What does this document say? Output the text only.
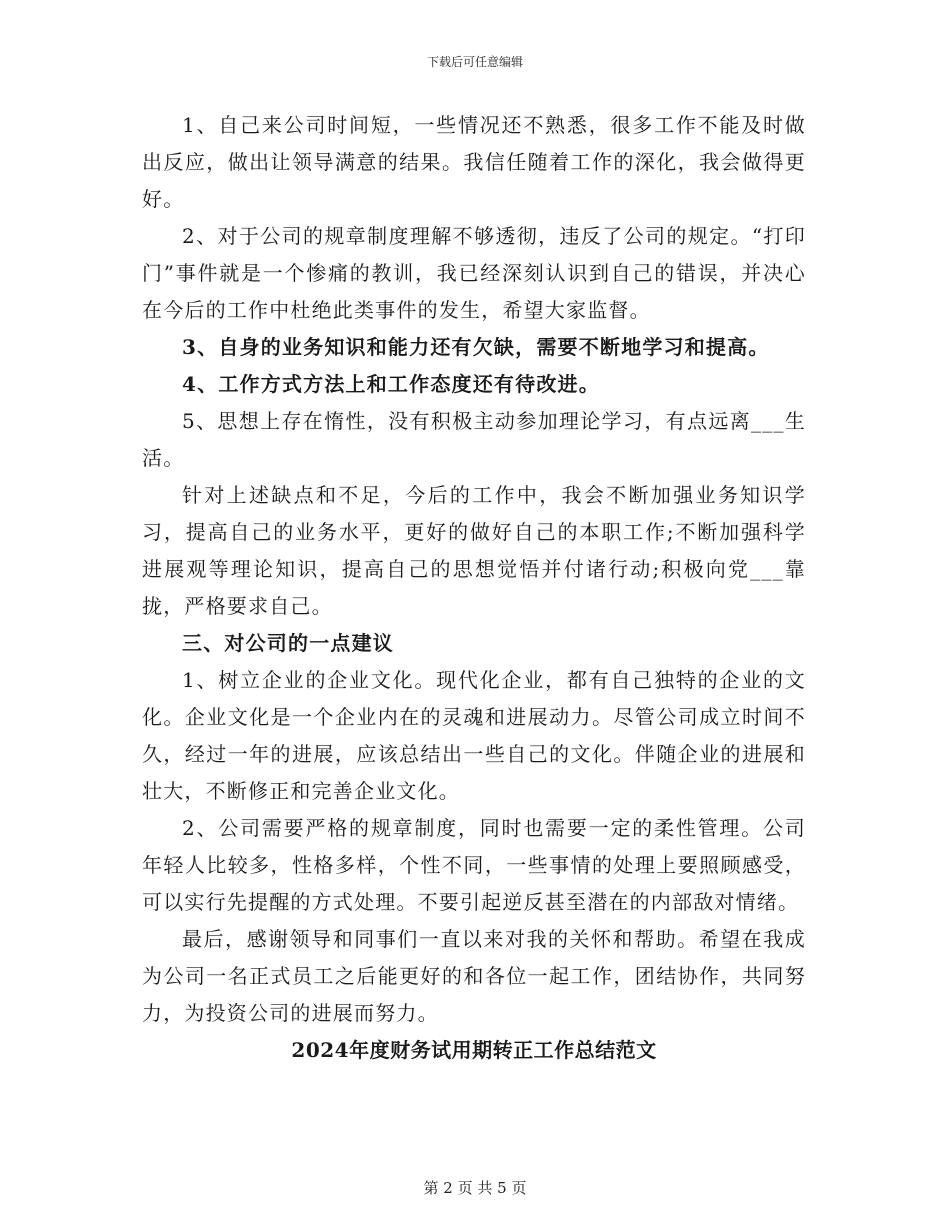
下载后可任意编辑

1、自己来公司时间短，一些情况还不熟悉，很多工作不能及时做出反应，做出让领导满意的结果。我信任随着工作的深化，我会做得更好。

2、对于公司的规章制度理解不够透彻，违反了公司的规定。“打印门”事件就是一个惨痛的教训，我已经深刻认识到自己的错误，并决心在今后的工作中杜绝此类事件的发生，希望大家监督。

3、自身的业务知识和能力还有欠缺，需要不断地学习和提高。

4、工作方式方法上和工作态度还有待改进。

5、思想上存在惰性，没有积极主动参加理论学习，有点远离___生活。

针对上述缺点和不足，今后的工作中，我会不断加强业务知识学习，提高自己的业务水平，更好的做好自己的本职工作;不断加强科学进展观等理论知识，提高自己的思想觉悟并付诸行动;积极向党___靠拢，严格要求自己。

三、对公司的一点建议

1、树立企业的企业文化。现代化企业，都有自己独特的企业的文化。企业文化是一个企业内在的灵魂和进展动力。尽管公司成立时间不久，经过一年的进展，应该总结出一些自己的文化。伴随企业的进展和壮大，不断修正和完善企业文化。

2、公司需要严格的规章制度，同时也需要一定的柔性管理。公司年轻人比较多，性格多样，个性不同，一些事情的处理上要照顾感受，可以实行先提醒的方式处理。不要引起逆反甚至潜在的内部敌对情绪。

最后，感谢领导和同事们一直以来对我的关怀和帮助。希望在我成为公司一名正式员工之后能更好的和各位一起工作，团结协作，共同努力，为投资公司的进展而努力。

2024年度财务试用期转正工作总结范文

第 2 页 共 5 页
